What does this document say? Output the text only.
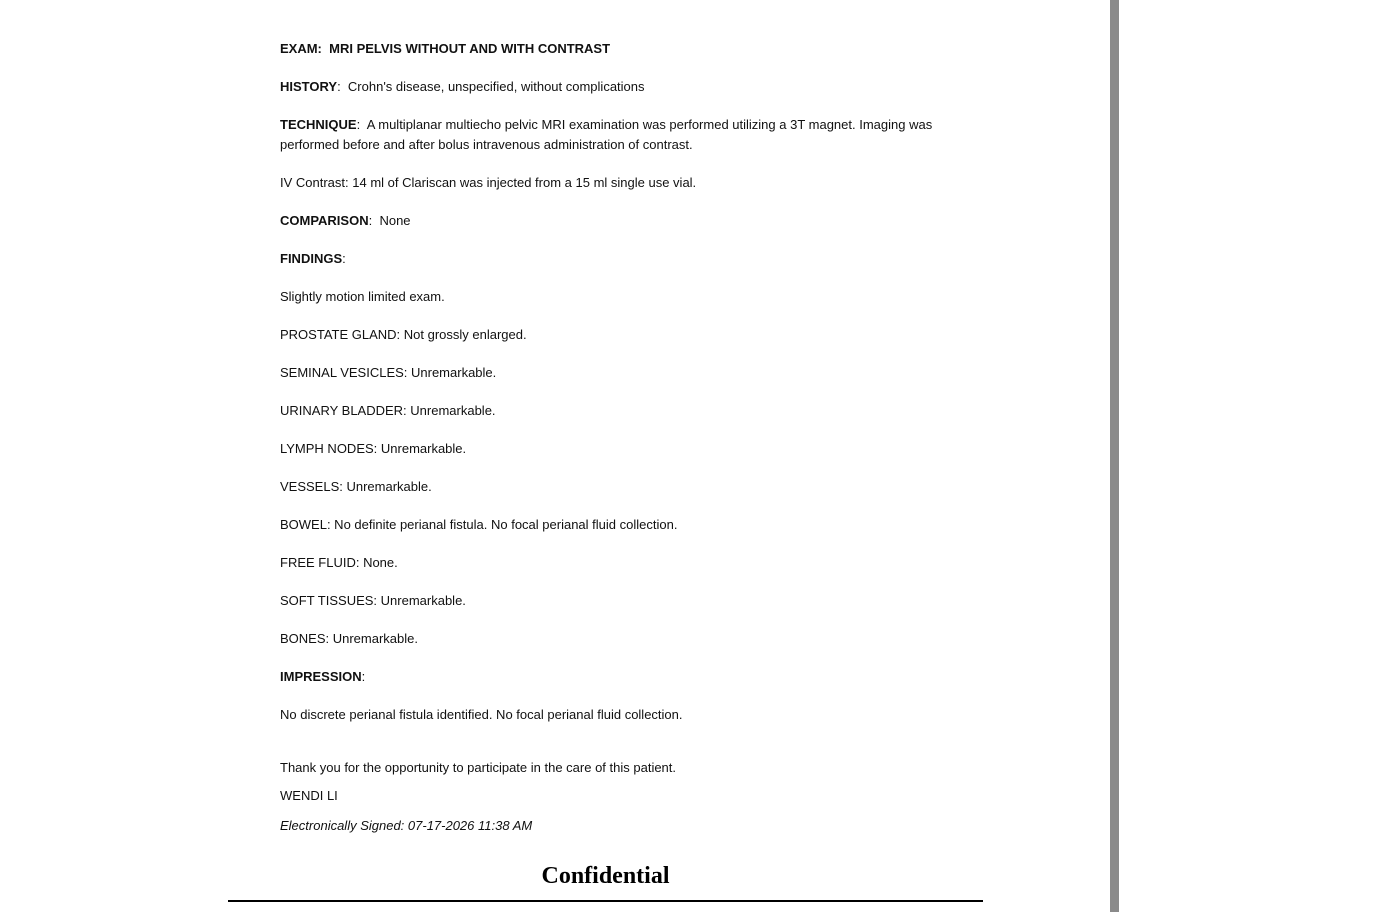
EXAM: MRI PELVIS WITHOUT AND WITH CONTRAST
HISTORY:  Crohn's disease, unspecified, without complications
TECHNIQUE:  A multiplanar multiecho pelvic MRI examination was performed utilizing a 3T magnet. Imaging was performed before and after bolus intravenous administration of contrast.
IV Contrast: 14 ml of Clariscan was injected from a 15 ml single use vial.
COMPARISON:  None
FINDINGS:
Slightly motion limited exam.
PROSTATE GLAND: Not grossly enlarged.
SEMINAL VESICLES: Unremarkable.
URINARY BLADDER: Unremarkable.
LYMPH NODES: Unremarkable.
VESSELS: Unremarkable.
BOWEL: No definite perianal fistula. No focal perianal fluid collection.
FREE FLUID: None.
SOFT TISSUES: Unremarkable.
BONES: Unremarkable.
IMPRESSION:
No discrete perianal fistula identified. No focal perianal fluid collection.
Thank you for the opportunity to participate in the care of this patient.
WENDI LI
Electronically Signed: 07-17-2026 11:38 AM
Confidential
